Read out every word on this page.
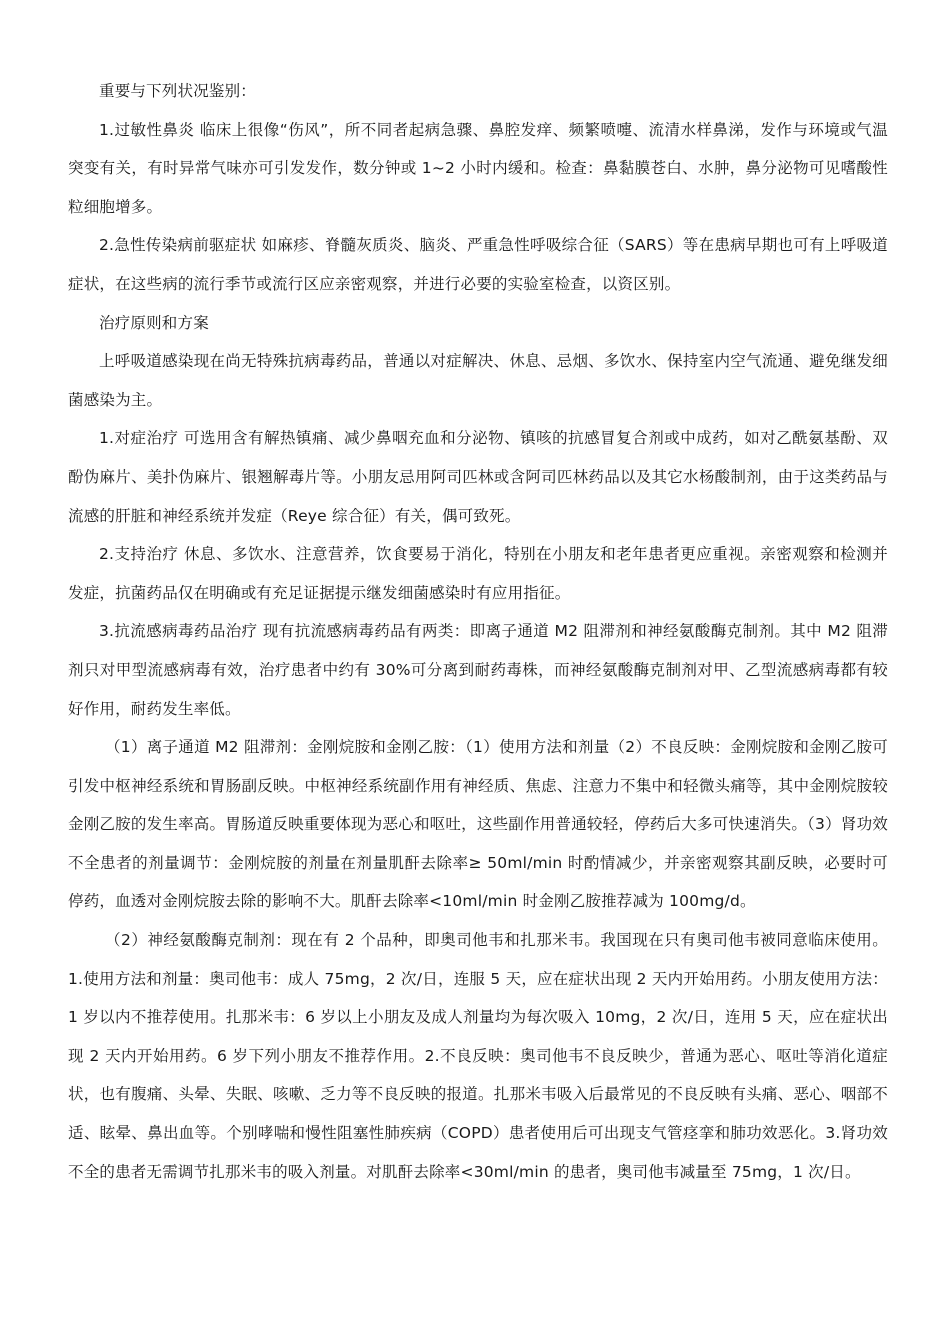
重要与下列状况鉴别：

1.过敏性鼻炎 临床上很像“伤风”，所不同者起病急骤、鼻腔发痒、频繁喷嚏、流清水样鼻涕，发作与环境或气温突变有关，有时异常气味亦可引发发作，数分钟或 1~2 小时内缓和。检查：鼻黏膜苍白、水肿，鼻分泌物可见嗜酸性粒细胞增多。

2.急性传染病前驱症状 如麻疹、脊髓灰质炎、脑炎、严重急性呼吸综合征（SARS）等在患病早期也可有上呼吸道症状，在这些病的流行季节或流行区应亲密观察，并进行必要的实验室检查，以资区别。

治疗原则和方案

上呼吸道感染现在尚无特殊抗病毒药品，普通以对症解决、休息、忌烟、多饮水、保持室内空气流通、避免继发细菌感染为主。

1.对症治疗 可选用含有解热镇痛、减少鼻咽充血和分泌物、镇咳的抗感冒复合剂或中成药，如对乙酰氨基酚、双酚伪麻片、美扑伪麻片、银翘解毒片等。小朋友忌用阿司匹林或含阿司匹林药品以及其它水杨酸制剂，由于这类药品与流感的肝脏和神经系统并发症（Reye 综合征）有关，偶可致死。

2.支持治疗 休息、多饮水、注意营养，饮食要易于消化，特别在小朋友和老年患者更应重视。亲密观察和检测并发症，抗菌药品仅在明确或有充足证据提示继发细菌感染时有应用指征。

3.抗流感病毒药品治疗 现有抗流感病毒药品有两类：即离子通道 M2 阻滞剂和神经氨酸酶克制剂。其中 M2 阻滞剂只对甲型流感病毒有效，治疗患者中约有 30%可分离到耐药毒株，而神经氨酸酶克制剂对甲、乙型流感病毒都有较好作用，耐药发生率低。

（1）离子通道 M2 阻滞剂：金刚烷胺和金刚乙胺：（1）使用方法和剂量（2）不良反映：金刚烷胺和金刚乙胺可引发中枢神经系统和胃肠副反映。中枢神经系统副作用有神经质、焦虑、注意力不集中和轻微头痛等，其中金刚烷胺较金刚乙胺的发生率高。胃肠道反映重要体现为恶心和呕吐，这些副作用普通较轻，停药后大多可快速消失。（3）肾功效不全患者的剂量调节：金刚烷胺的剂量在剂量肌酐去除率≥ 50ml/min 时酌情减少，并亲密观察其副反映，必要时可停药，血透对金刚烷胺去除的影响不大。肌酐去除率<10ml/min 时金刚乙胺推荐减为 100mg/d。

（2）神经氨酸酶克制剂：现在有 2 个品种，即奥司他韦和扎那米韦。我国现在只有奥司他韦被同意临床使用。1.使用方法和剂量：奥司他韦：成人 75mg，2 次/日，连服 5 天，应在症状出现 2 天内开始用药。小朋友使用方法：1 岁以内不推荐使用。扎那米韦：6 岁以上小朋友及成人剂量均为每次吸入 10mg，2 次/日，连用 5 天，应在症状出现 2 天内开始用药。6 岁下列小朋友不推荐作用。2.不良反映：奥司他韦不良反映少，普通为恶心、呕吐等消化道症状，也有腹痛、头晕、失眠、咳嗽、乏力等不良反映的报道。扎那米韦吸入后最常见的不良反映有头痛、恶心、咽部不适、眩晕、鼻出血等。个别哮喘和慢性阻塞性肺疾病（COPD）患者使用后可出现支气管痉挛和肺功效恶化。3.肾功效不全的患者无需调节扎那米韦的吸入剂量。对肌酐去除率<30ml/min 的患者，奥司他韦减量至 75mg，1 次/日。
